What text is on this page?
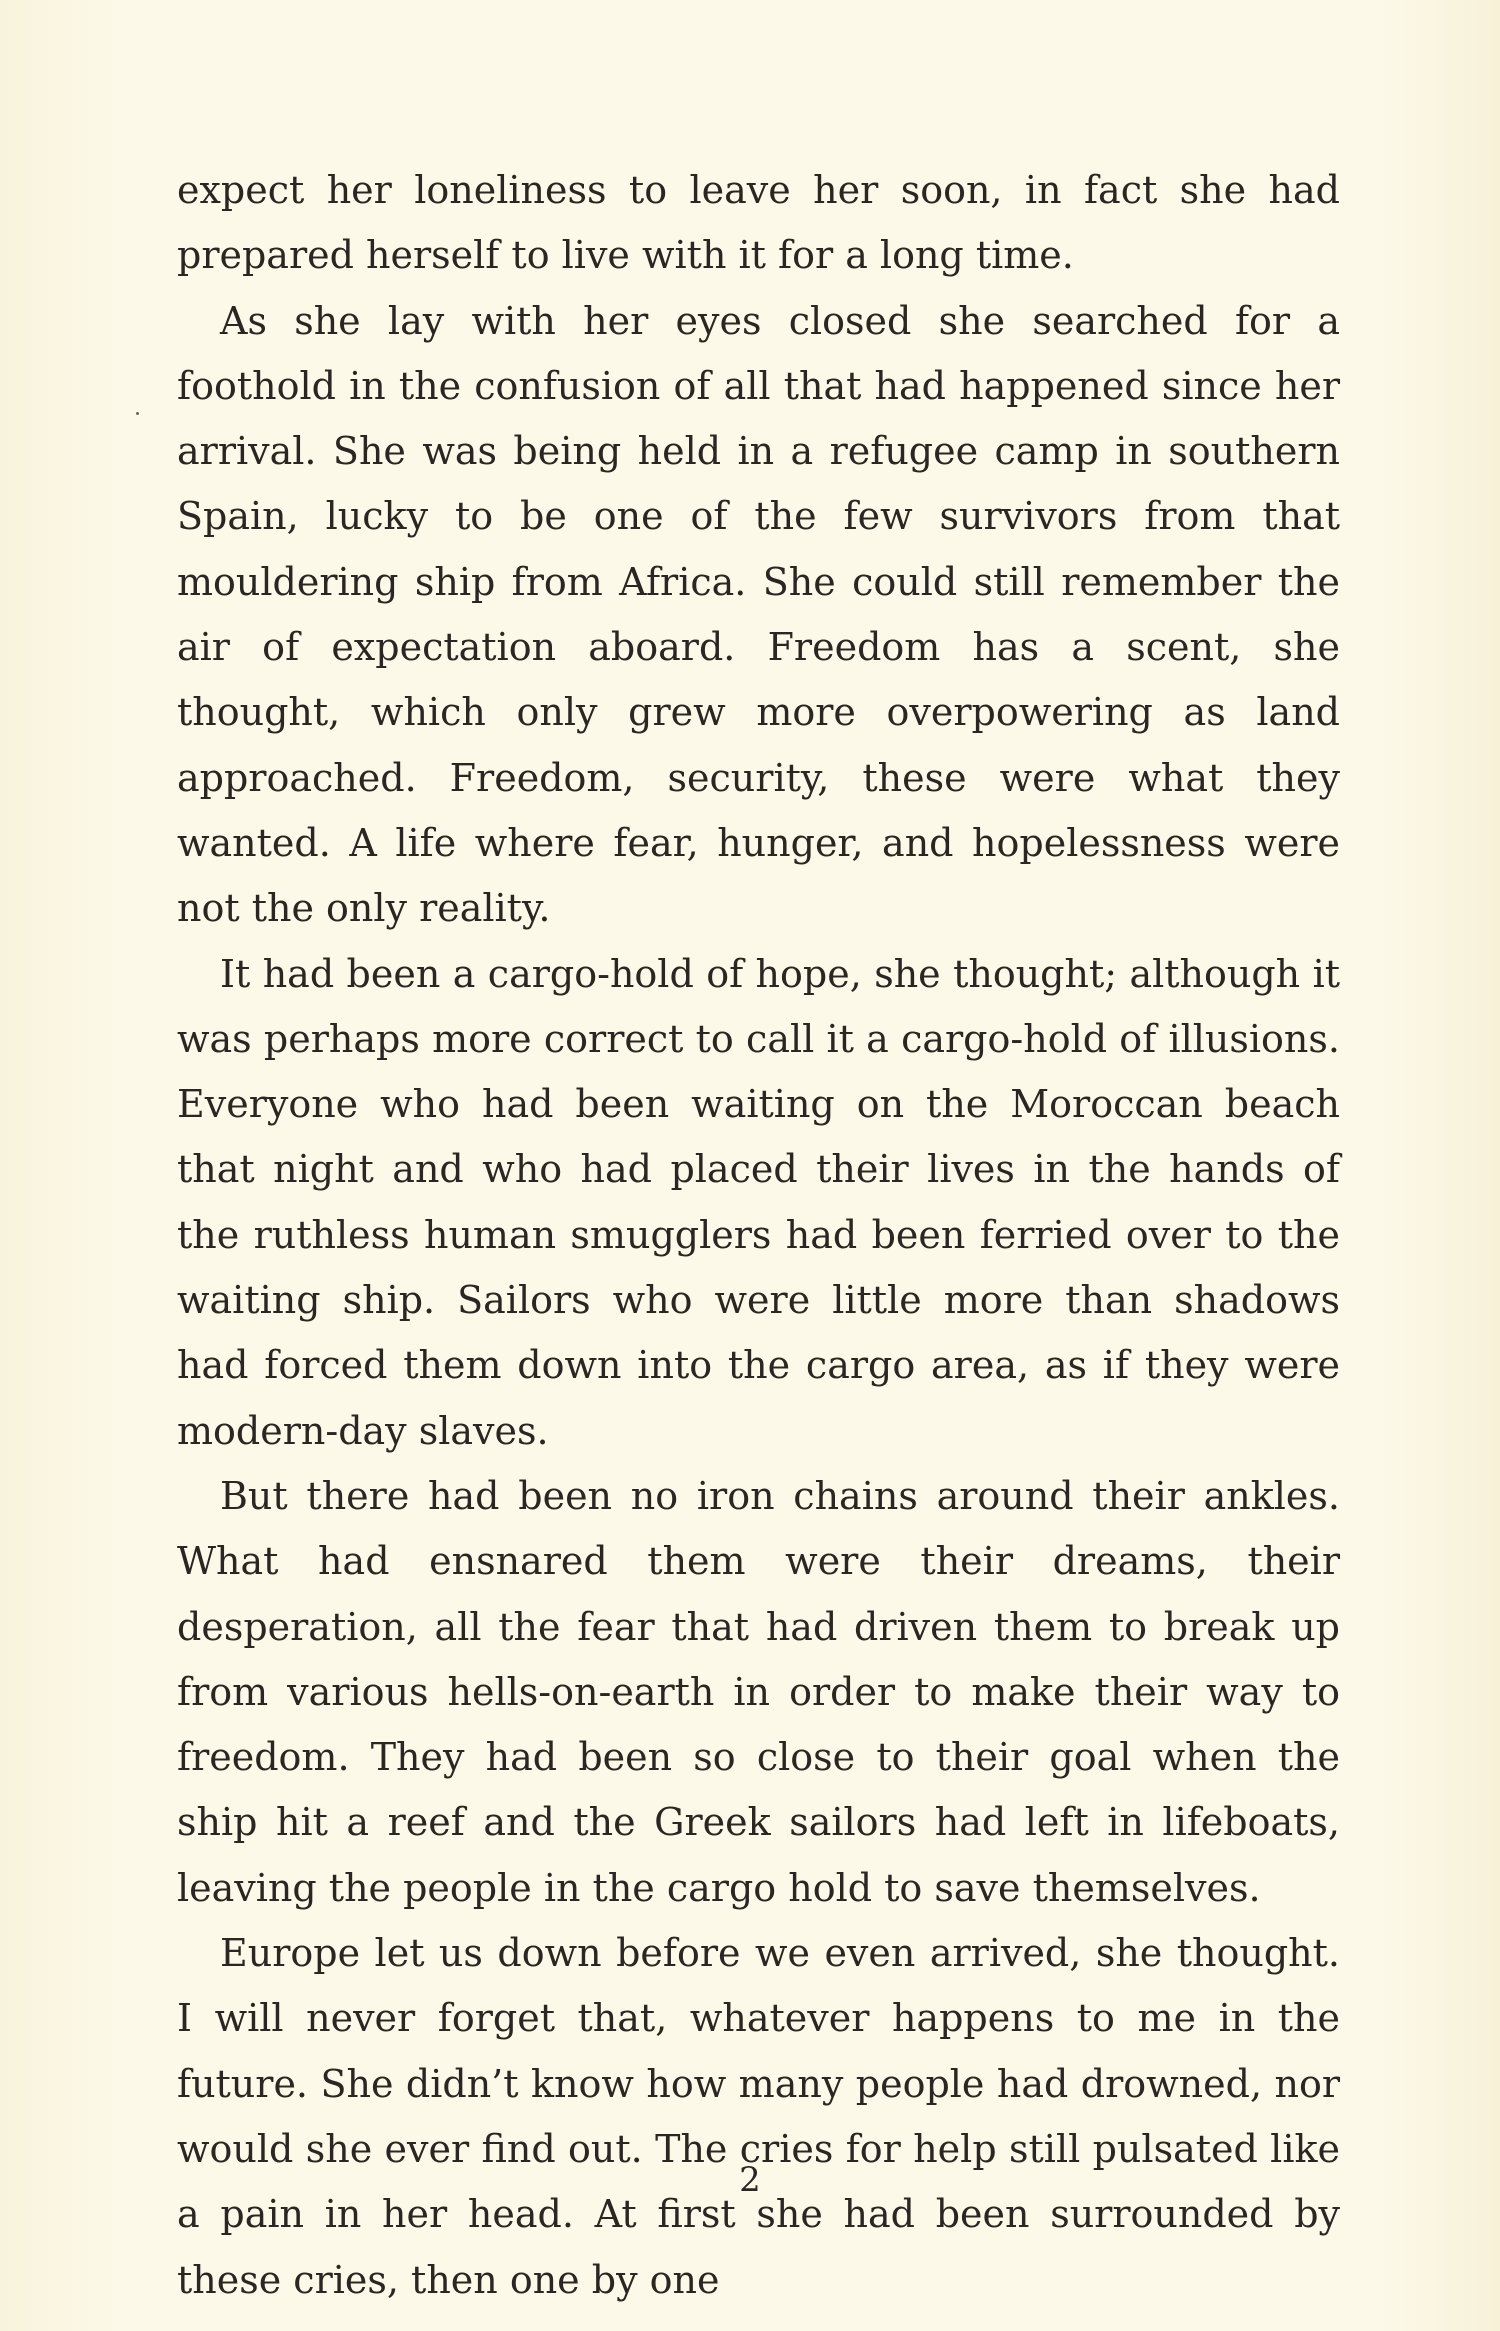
expect her loneliness to leave her soon, in fact she had prepared herself to live with it for a long time.

As she lay with her eyes closed she searched for a foothold in the confusion of all that had happened since her arrival. She was being held in a refugee camp in southern Spain, lucky to be one of the few survivors from that mouldering ship from Africa. She could still remember the air of expectation aboard. Freedom has a scent, she thought, which only grew more overpowering as land approached. Freedom, security, these were what they wanted. A life where fear, hunger, and hopelessness were not the only reality.

It had been a cargo-hold of hope, she thought; although it was perhaps more correct to call it a cargo-hold of illusions. Everyone who had been waiting on the Moroccan beach that night and who had placed their lives in the hands of the ruthless human smugglers had been ferried over to the waiting ship. Sailors who were little more than shadows had forced them down into the cargo area, as if they were modern-day slaves.

But there had been no iron chains around their ankles. What had ensnared them were their dreams, their desperation, all the fear that had driven them to break up from various hells-on-earth in order to make their way to freedom. They had been so close to their goal when the ship hit a reef and the Greek sailors had left in lifeboats, leaving the people in the cargo hold to save themselves.

Europe let us down before we even arrived, she thought. I will never forget that, whatever happens to me in the future. She didn’t know how many people had drowned, nor would she ever find out. The cries for help still pulsated like a pain in her head. At first she had been surrounded by these cries, then one by one

2
